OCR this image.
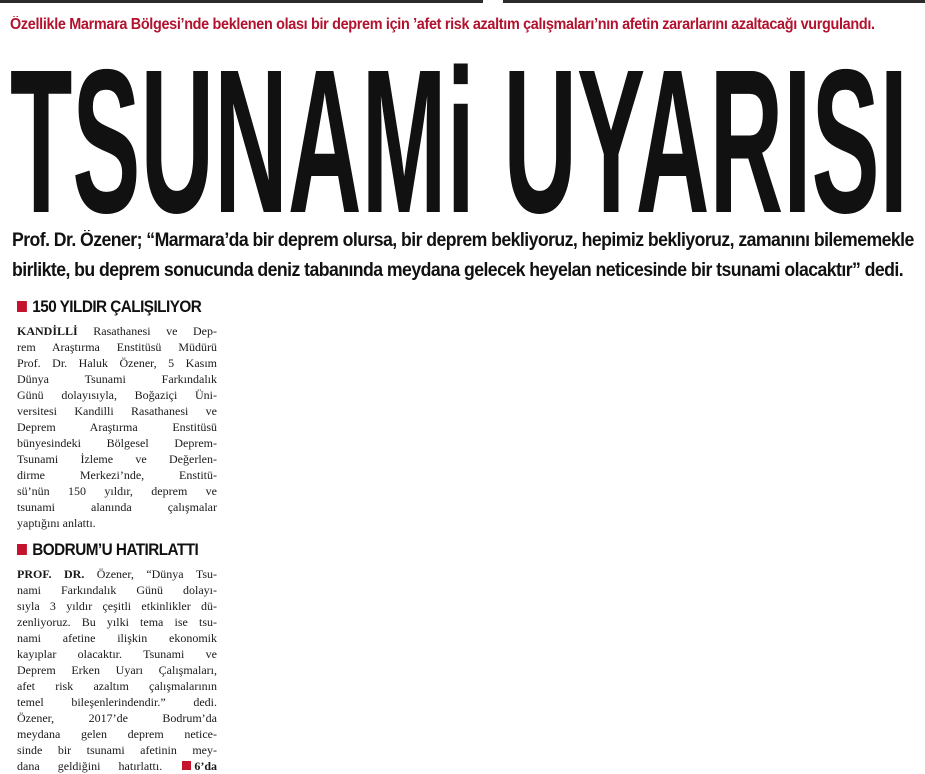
Özellikle Marmara Bölgesi’nde beklenen olası bir deprem için ’afet risk azaltım çalışmaları’nın afetin zararlarını azaltacağı vurgulandı.
TSUNAMi UYARISI
Prof. Dr. Özener; “Marmara’da bir deprem olursa, bir deprem bekliyoruz, hepimiz bekliyoruz, zamanını bilememekle
birlikte, bu deprem sonucunda deniz tabanında meydana gelecek heyelan neticesinde bir tsunami olacaktır” dedi.
150 YILDIR ÇALIŞILIYOR
KANDİLLİ Rasathanesi ve Dep-
rem Araştırma Enstitüsü Müdürü
Prof. Dr. Haluk Özener, 5 Kasım
Dünya Tsunami Farkındalık
Günü dolayısıyla, Boğaziçi Üni-
versitesi Kandilli Rasathanesi ve
Deprem Araştırma Enstitüsü
bünyesindeki Bölgesel Deprem-
Tsunami İzleme ve Değerlen-
dirme Merkezi’nde, Enstitü-
sü’nün 150 yıldır, deprem ve
tsunami alanında çalışmalar
yaptığını anlattı.
BODRUM’U HATIRLATTI
PROF. DR. Özener, “Dünya Tsu-
nami Farkındalık Günü dolayı-
sıyla 3 yıldır çeşitli etkinlikler dü-
zenliyoruz. Bu yılki tema ise tsu-
nami afetine ilişkin ekonomik
kayıplar olacaktır. Tsunami ve
Deprem Erken Uyarı Çalışmaları,
afet risk azaltım çalışmalarının
temel bileşenlerindendir.” dedi.
Özener, 2017’de Bodrum’da
meydana gelen deprem netice-
sinde bir tsunami afetinin mey-
dana geldiğini hatırlattı.	6’da
